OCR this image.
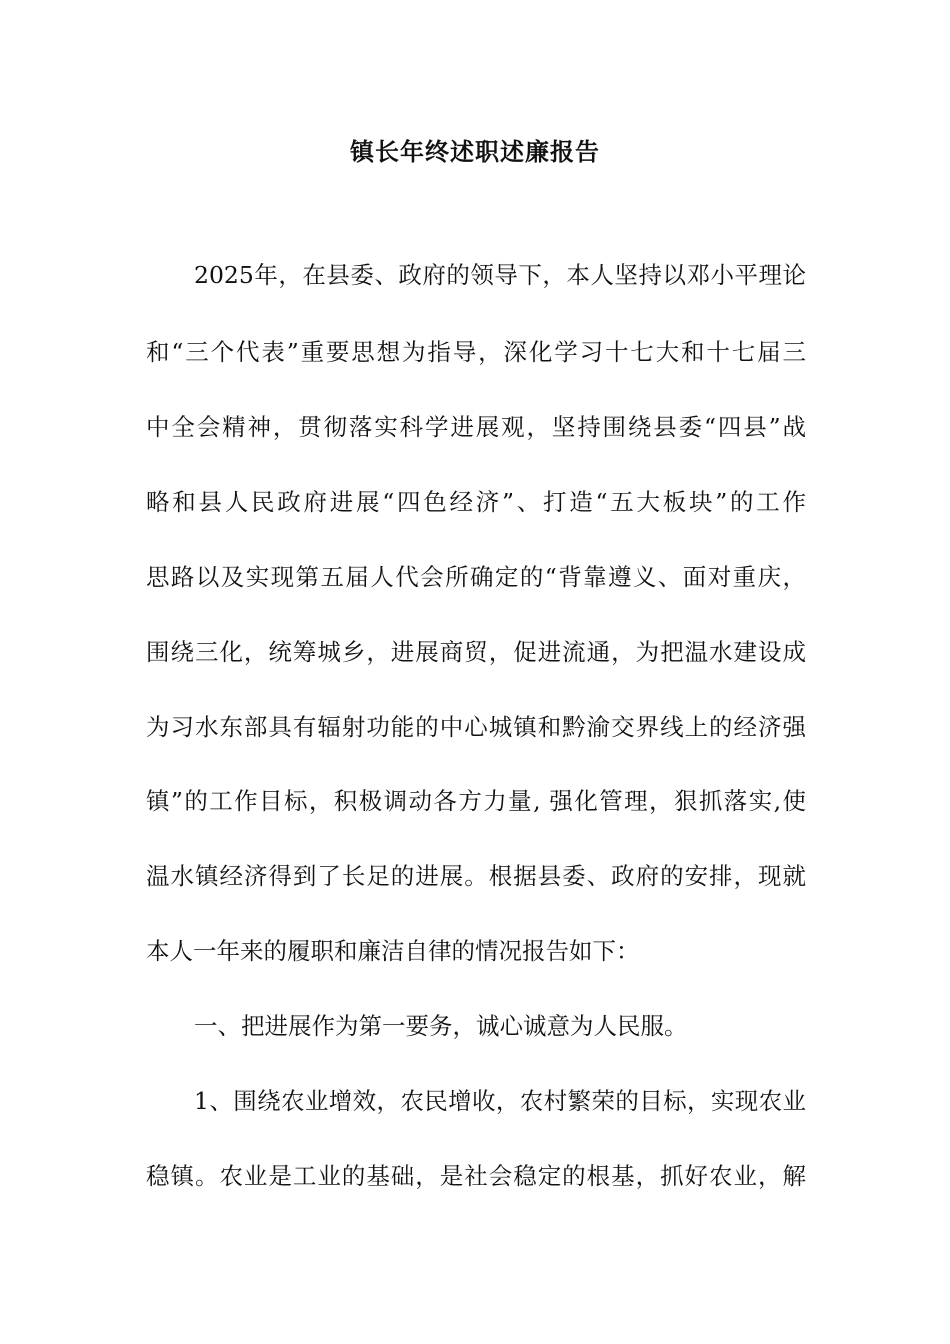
镇长年终述职述廉报告
2025年，在县委、政府的领导下，本人坚持以邓小平理论
和“三个代表”重要思想为指导，深化学习十七大和十七届三
中全会精神，贯彻落实科学进展观，坚持围绕县委“四县”战
略和县人民政府进展“四色经济”、打造“五大板块”的工作
思路以及实现第五届人代会所确定的“背靠遵义、面对重庆，
围绕三化，统筹城乡，进展商贸，促进流通，为把温水建设成
为习水东部具有辐射功能的中心城镇和黔渝交界线上的经济强
镇”的工作目标，积极调动各方力量, 强化管理，狠抓落实,使
温水镇经济得到了长足的进展。根据县委、政府的安排，现就
本人一年来的履职和廉洁自律的情况报告如下：
一、把进展作为第一要务，诚心诚意为人民服。
1、围绕农业增效，农民增收，农村繁荣的目标，实现农业
稳镇。农业是工业的基础，是社会稳定的根基，抓好农业，解
